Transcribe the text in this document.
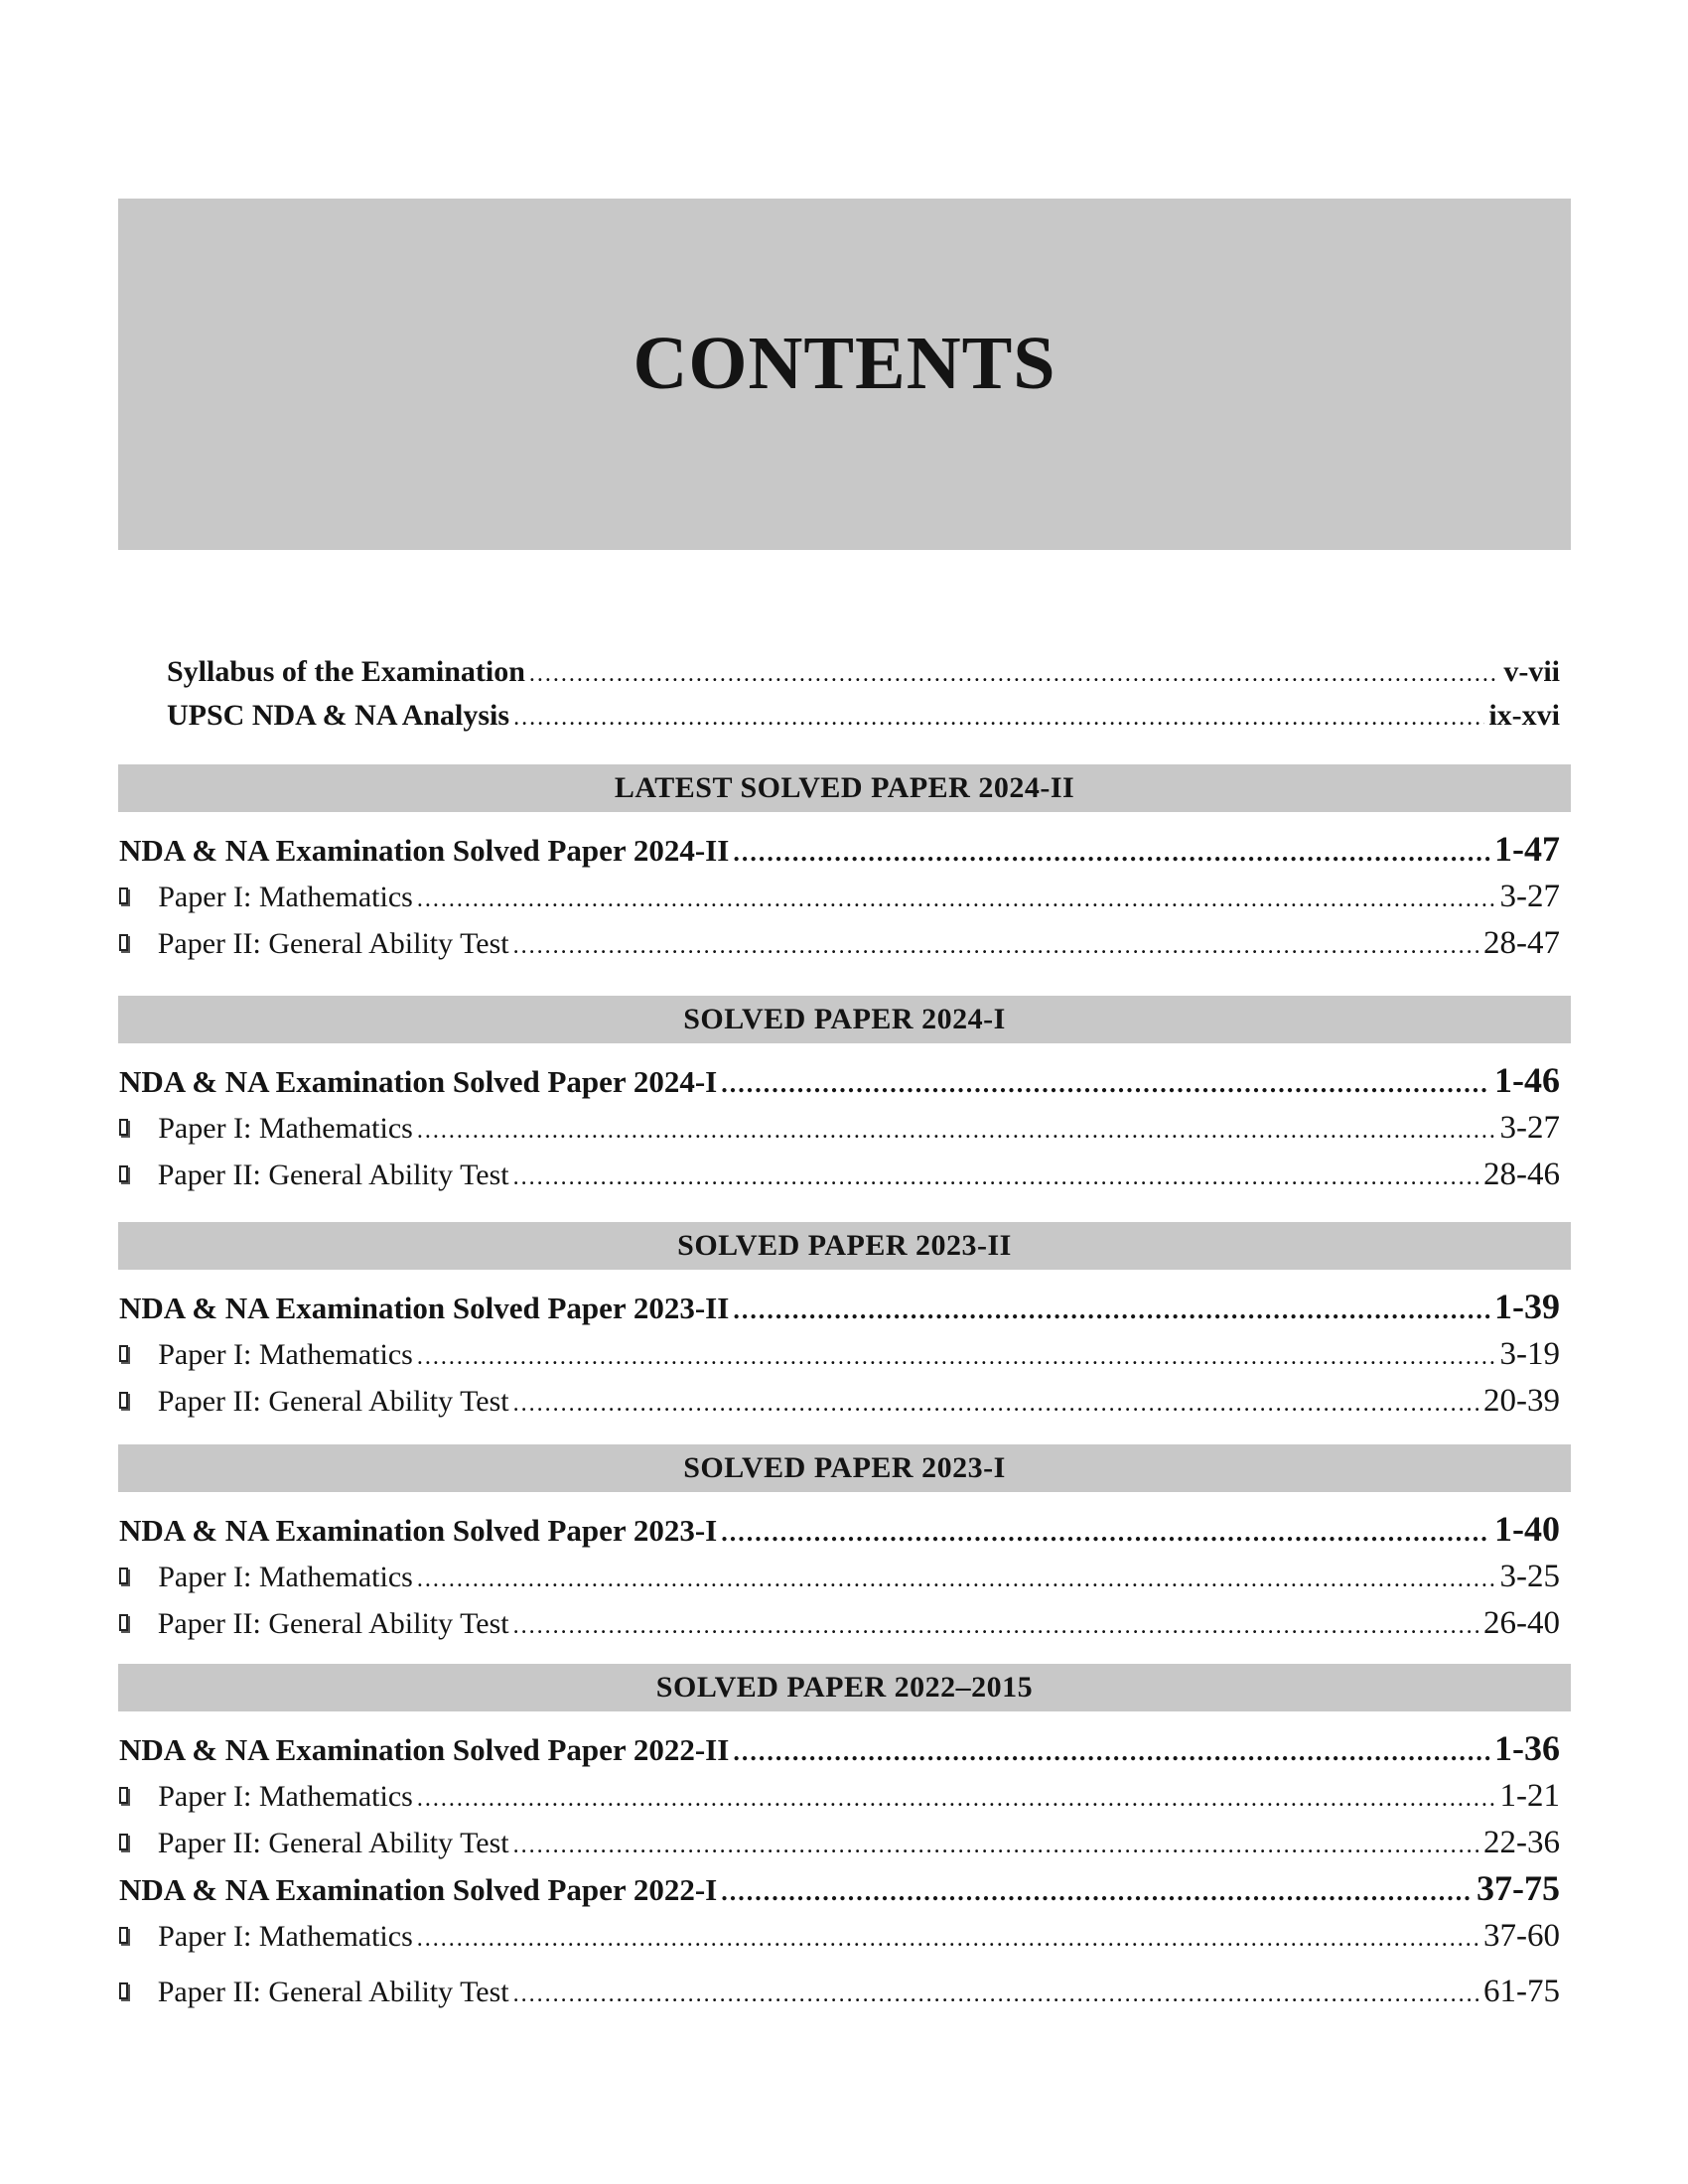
CONTENTS
Syllabus of the Examination .....	v-vii
UPSC NDA & NA Analysis .....	ix-xvi
LATEST SOLVED PAPER 2024-II
NDA & NA Examination Solved Paper 2024-II .....	1-47
Paper I: Mathematics .....	3-27
Paper II: General Ability Test .....	28-47
SOLVED PAPER 2024-I
NDA & NA Examination Solved Paper 2024-I .....	1-46
Paper I: Mathematics .....	3-27
Paper II: General Ability Test .....	28-46
SOLVED PAPER 2023-II
NDA & NA Examination Solved Paper 2023-II .....	1-39
Paper I: Mathematics .....	3-19
Paper II: General Ability Test .....	20-39
SOLVED PAPER 2023-I
NDA & NA Examination Solved Paper 2023-I .....	1-40
Paper I: Mathematics .....	3-25
Paper II: General Ability Test .....	26-40
SOLVED PAPER 2022–2015
NDA & NA Examination Solved Paper 2022-II .....	1-36
Paper I: Mathematics .....	1-21
Paper II: General Ability Test .....	22-36
NDA & NA Examination Solved Paper 2022-I .....	37-75
Paper I: Mathematics .....	37-60
Paper II: General Ability Test .....	61-75
